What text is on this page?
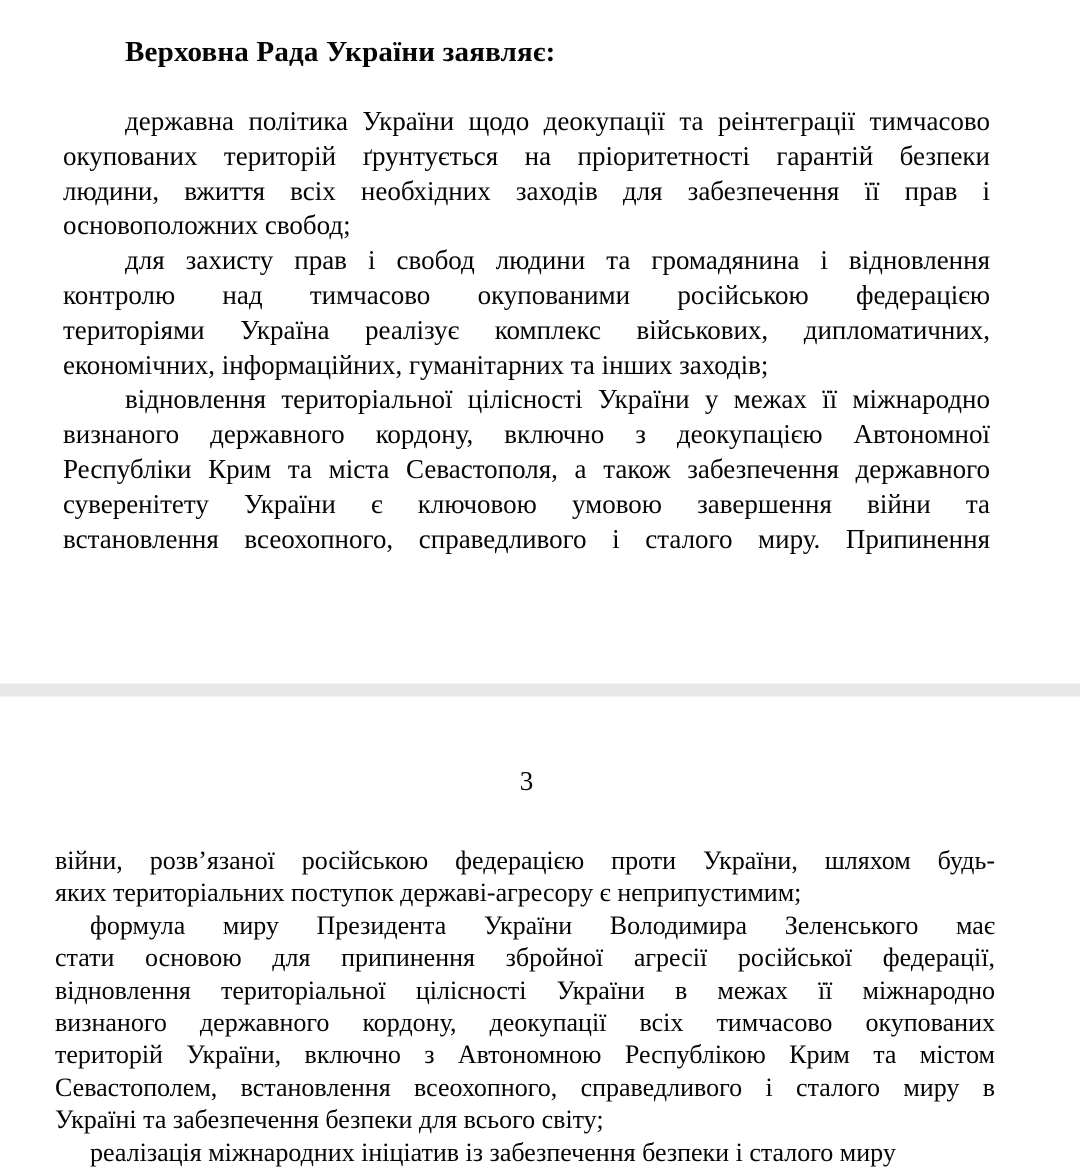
Верховна Рада України заявляє:
державна політика України щодо деокупації та реінтеграції тимчасово
окупованих територій ґрунтується на пріоритетності гарантій безпеки
людини, вжиття всіх необхідних заходів для забезпечення її прав і
основоположних свобод;
для захисту прав і свобод людини та громадянина і відновлення
контролю над тимчасово окупованими російською федерацією
територіями Україна реалізує комплекс військових, дипломатичних,
економічних, інформаційних, гуманітарних та інших заходів;
відновлення територіальної цілісності України у межах її міжнародно
визнаного державного кордону, включно з деокупацією Автономної
Республіки Крим та міста Севастополя, а також забезпечення державного
суверенітету України є ключовою умовою завершення війни та
встановлення всеохопного, справедливого і сталого миру. Припинення
3
війни, розв’язаної російською федерацією проти України, шляхом будь-
яких територіальних поступок державі-агресору є неприпустимим;
формула миру Президента України Володимира Зеленського має
стати основою для припинення збройної агресії російської федерації,
відновлення територіальної цілісності України в межах її міжнародно
визнаного державного кордону, деокупації всіх тимчасово окупованих
територій України, включно з Автономною Республікою Крим та містом
Севастополем, встановлення всеохопного, справедливого і сталого миру в
Україні та забезпечення безпеки для всього світу;
реалізація міжнародних ініціатив із забезпечення безпеки і сталого миру
